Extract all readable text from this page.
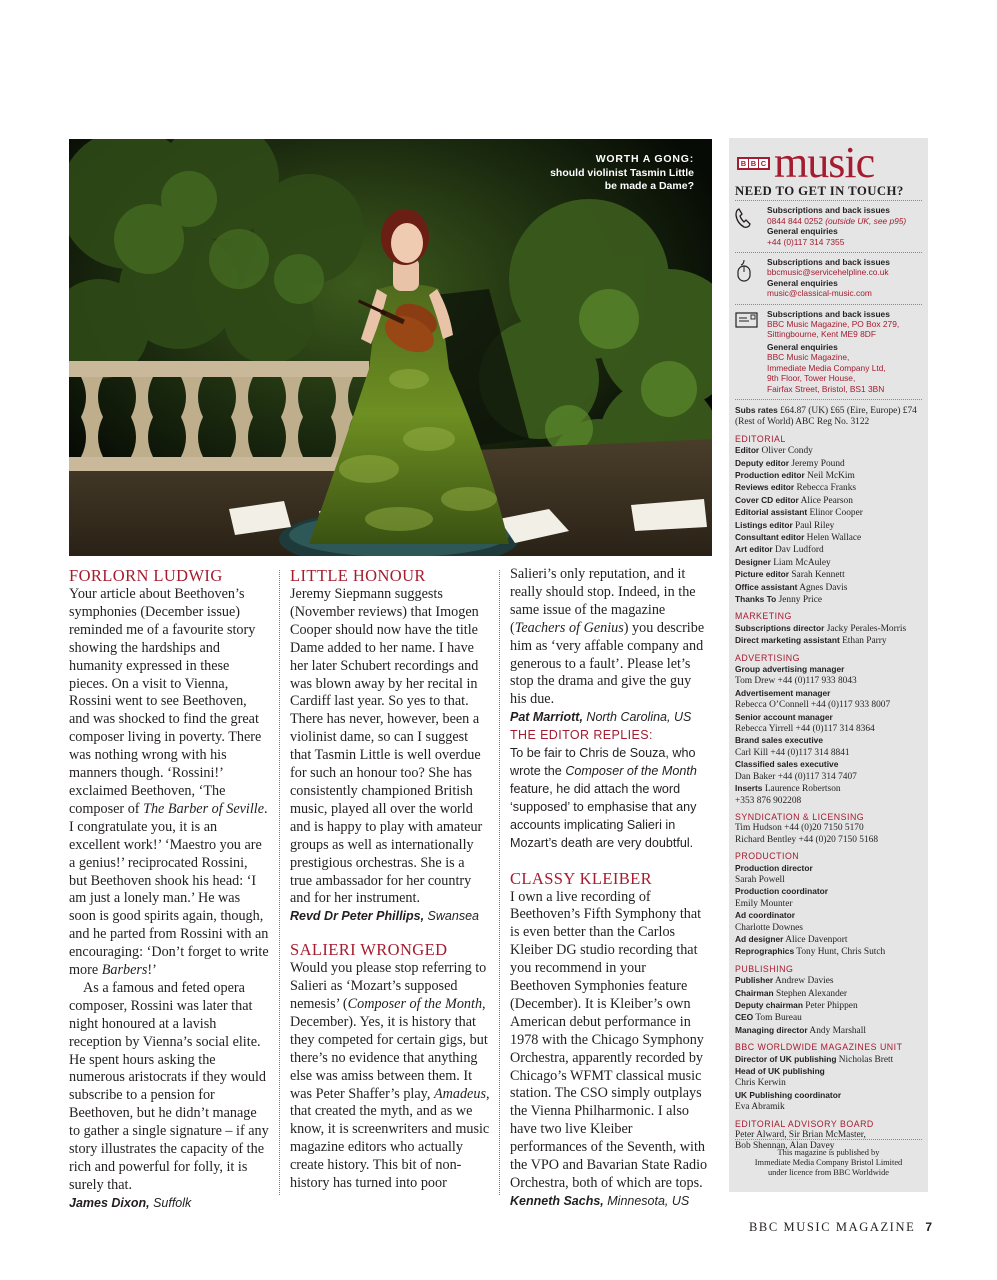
WORTH A GONG:
should violinist Tasmin Little be made a Dame?
FORLORN LUDWIG

Your article about Beethoven’s symphonies (December issue) reminded me of a favourite story showing the hardships and humanity expressed in these pieces. On a visit to Vienna, Rossini went to see Beethoven, and was shocked to find the great composer living in poverty. There was nothing wrong with his manners though. ‘Rossini!’ exclaimed Beethoven, ‘The composer of The Barber of Seville. I congratulate you, it is an excellent work!’ ‘Maestro you are a genius!’ reciprocated Rossini, but Beethoven shook his head: ‘I am just a lonely man.’ He was soon is good spirits again, though, and he parted from Rossini with an encouraging: ‘Don’t forget to write more Barbers!’

As a famous and feted opera composer, Rossini was later that night honoured at a lavish reception by Vienna’s social elite. He spent hours asking the numerous aristocrats if they would subscribe to a pension for Beethoven, but he didn’t manage to gather a single signature – if any story illustrates the capacity of the rich and powerful for folly, it is surely that.

James Dixon, Suffolk
LITTLE HONOUR

Jeremy Siepmann suggests (November reviews) that Imogen Cooper should now have the title Dame added to her name. I have her later Schubert recordings and was blown away by her recital in Cardiff last year. So yes to that. There has never, however, been a violinist dame, so can I suggest that Tasmin Little is well overdue for such an honour too? She has consistently championed British music, played all over the world and is happy to play with amateur groups as well as internationally prestigious orchestras. She is a true ambassador for her country and for her instrument.

Revd Dr Peter Phillips, Swansea
SALIERI WRONGED

Would you please stop referring to Salieri as ‘Mozart’s supposed nemesis’ (Composer of the Month, December). Yes, it is history that they competed for certain gigs, but there’s no evidence that anything else was amiss between them. It was Peter Shaffer’s play, Amadeus, that created the myth, and as we know, it is screenwriters and music magazine editors who actually create history. This bit of non-history has turned into poor

Salieri’s only reputation, and it really should stop. Indeed, in the same issue of the magazine (Teachers of Genius) you describe him as ‘very affable company and generous to a fault’. Please let’s stop the drama and give the guy his due.

Pat Marriott, North Carolina, US
THE EDITOR REPLIES:

To be fair to Chris de Souza, who wrote the Composer of the Month feature, he did attach the word ‘supposed’ to emphasise that any accounts implicating Salieri in Mozart’s death are very doubtful.

CLASSY KLEIBER

I own a live recording of Beethoven’s Fifth Symphony that is even better than the Carlos Kleiber DG studio recording that you recommend in your Beethoven Symphonies feature (December). It is Kleiber’s own American debut performance in 1978 with the Chicago Symphony Orchestra, apparently recorded by Chicago’s WFMT classical music station. The CSO simply outplays the Vienna Philharmonic. I also have two live Kleiber performances of the Seventh, with the VPO and Bavarian State Radio Orchestra, both of which are tops.

Kenneth Sachs, Minnesota, US
B B C music
NEED TO GET IN TOUCH?
Subscriptions and back issues
0844 844 0252 (outside UK, see p95)
General enquiries
+44 (0)117 314 7355
Subscriptions and back issues
bbcmusic@servicehelpline.co.uk
General enquiries
music@classical-music.com
Subscriptions and back issues
BBC Music Magazine, PO Box 279,
Sittingbourne, Kent ME9 8DF
General enquiries
BBC Music Magazine,
Immediate Media Company Ltd,
9th Floor, Tower House,
Fairfax Street, Bristol, BS1 3BN
Subs rates £64.87 (UK) £65 (Eire, Europe) £74 (Rest of World) ABC Reg No. 3122
EDITORIAL
Editor Oliver Condy
Deputy editor Jeremy Pound
Production editor Neil McKim
Reviews editor Rebecca Franks
Cover CD editor Alice Pearson
Editorial assistant Elinor Cooper
Listings editor Paul Riley
Consultant editor Helen Wallace
Art editor Dav Ludford
Designer Liam McAuley
Picture editor Sarah Kennett
Office assistant Agnes Davis
Thanks To Jenny Price
MARKETING
Subscriptions director Jacky Perales-Morris
Direct marketing assistant Ethan Parry
ADVERTISING
Group advertising manager
Tom Drew +44 (0)117 933 8043
Advertisement manager
Rebecca O’Connell +44 (0)117 933 8007
Senior account manager
Rebecca Yirrell +44 (0)117 314 8364
Brand sales executive
Carl Kill +44 (0)117 314 8841
Classified sales executive
Dan Baker +44 (0)117 314 7407
Inserts Laurence Robertson
+353 876 902208
SYNDICATION & LICENSING
Tim Hudson +44 (0)20 7150 5170
Richard Bentley +44 (0)20 7150 5168
PRODUCTION
Production director
Sarah Powell
Production coordinator
Emily Mounter
Ad coordinator
Charlotte Downes
Ad designer Alice Davenport
Reprographics Tony Hunt, Chris Sutch
PUBLISHING
Publisher Andrew Davies
Chairman Stephen Alexander
Deputy chairman Peter Phippen
CEO Tom Bureau
Managing director Andy Marshall
BBC WORLDWIDE MAGAZINES UNIT
Director of UK publishing Nicholas Brett
Head of UK publishing
Chris Kerwin
UK Publishing coordinator
Eva Abramik
EDITORIAL ADVISORY BOARD
Peter Alward, Sir Brian McMaster,
Bob Shennan, Alan Davey
This magazine is published by
Immediate Media Company Bristol Limited
under licence from BBC Worldwide
BBC MUSIC MAGAZINE 7
